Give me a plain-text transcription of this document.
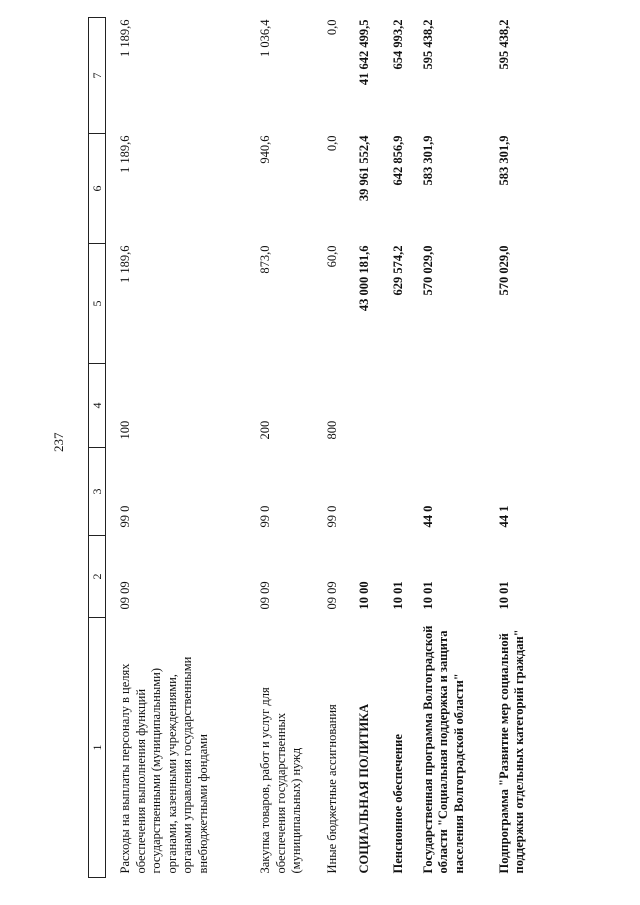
237
1	2	3	4	5	6	7
Расходы на выплаты персоналу в целях обеспечения выполнения функций государственными (муниципальными) органами, казенными учреждениями, органами управления государственными внебюджетными фондами	09 09	99 0	100	1 189,6	1 189,6	1 189,6
Закупка товаров, работ и услуг для обеспечения государственных (муниципальных) нужд	09 09	99 0	200	873,0	940,6	1 036,4
Иные бюджетные ассигнования	09 09	99 0	800	60,0	0,0	0,0
СОЦИАЛЬНАЯ ПОЛИТИКА	10 00			43 000 181,6	39 961 552,4	41 642 499,5
Пенсионное обеспечение	10 01			629 574,2	642 856,9	654 993,2
Государственная программа Волгоградской области "Социальная поддержка и защита населения Волгоградской области"	10 01	44 0		570 029,0	583 301,9	595 438,2
Подпрограмма "Развитие мер социальной поддержки отдельных категорий граждан"	10 01	44 1		570 029,0	583 301,9	595 438,2
